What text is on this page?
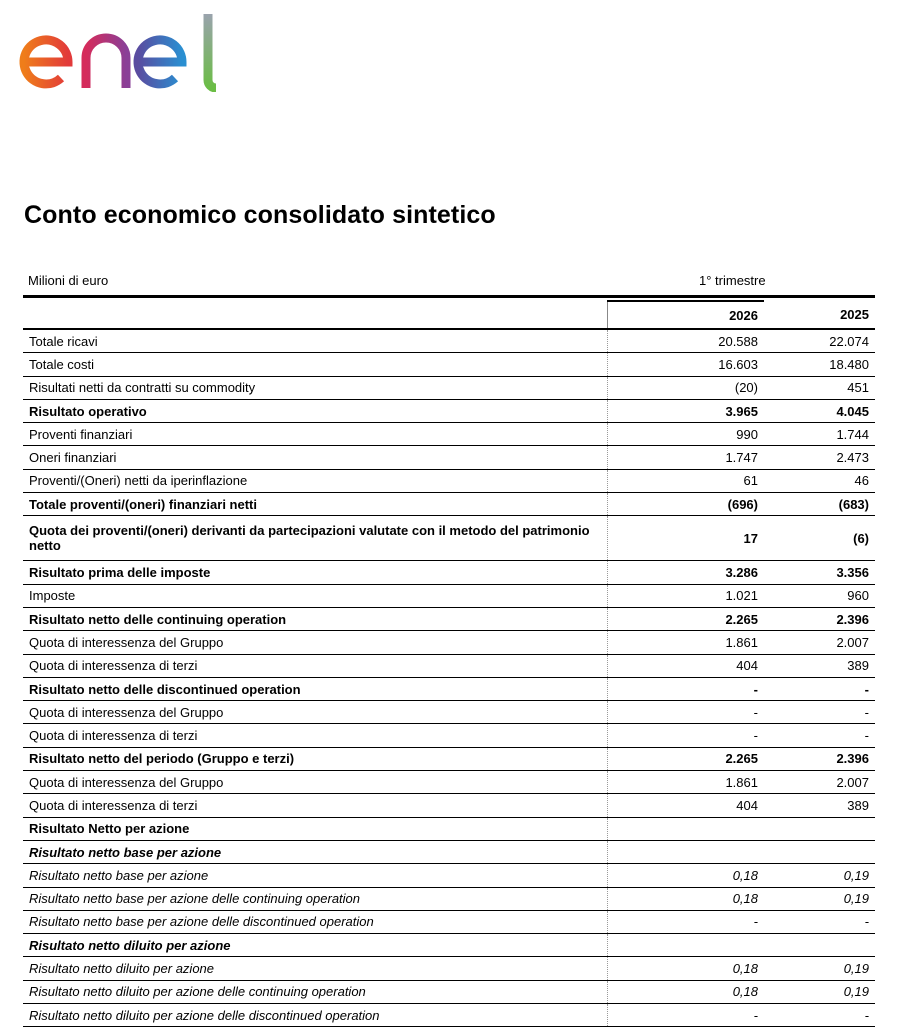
Conto economico consolidato sintetico
Milioni di euro	1° trimestre
	2026	2025
Totale ricavi	20.588	22.074
Totale costi	16.603	18.480
Risultati netti da contratti su commodity	(20)	451
Risultato operativo	3.965	4.045
Proventi finanziari	990	1.744
Oneri finanziari	1.747	2.473
Proventi/(Oneri) netti da iperinflazione	61	46
Totale proventi/(oneri) finanziari netti	(696)	(683)
Quota dei proventi/(oneri) derivanti da partecipazioni valutate con il metodo del patrimonio netto	17	(6)
Risultato prima delle imposte	3.286	3.356
Imposte	1.021	960
Risultato netto delle continuing operation	2.265	2.396
Quota di interessenza del Gruppo	1.861	2.007
Quota di interessenza di terzi	404	389
Risultato netto delle discontinued operation	-	-
Quota di interessenza del Gruppo	-	-
Quota di interessenza di terzi	-	-
Risultato netto del periodo (Gruppo e terzi)	2.265	2.396
Quota di interessenza del Gruppo	1.861	2.007
Quota di interessenza di terzi	404	389
Risultato Netto per azione		
Risultato netto base per azione		
Risultato netto base per azione	0,18	0,19
Risultato netto base per azione delle continuing operation	0,18	0,19
Risultato netto base per azione delle discontinued operation	-	-
Risultato netto diluito per azione		
Risultato netto diluito per azione	0,18	0,19
Risultato netto diluito per azione delle continuing operation	0,18	0,19
Risultato netto diluito per azione delle discontinued operation	-	-
